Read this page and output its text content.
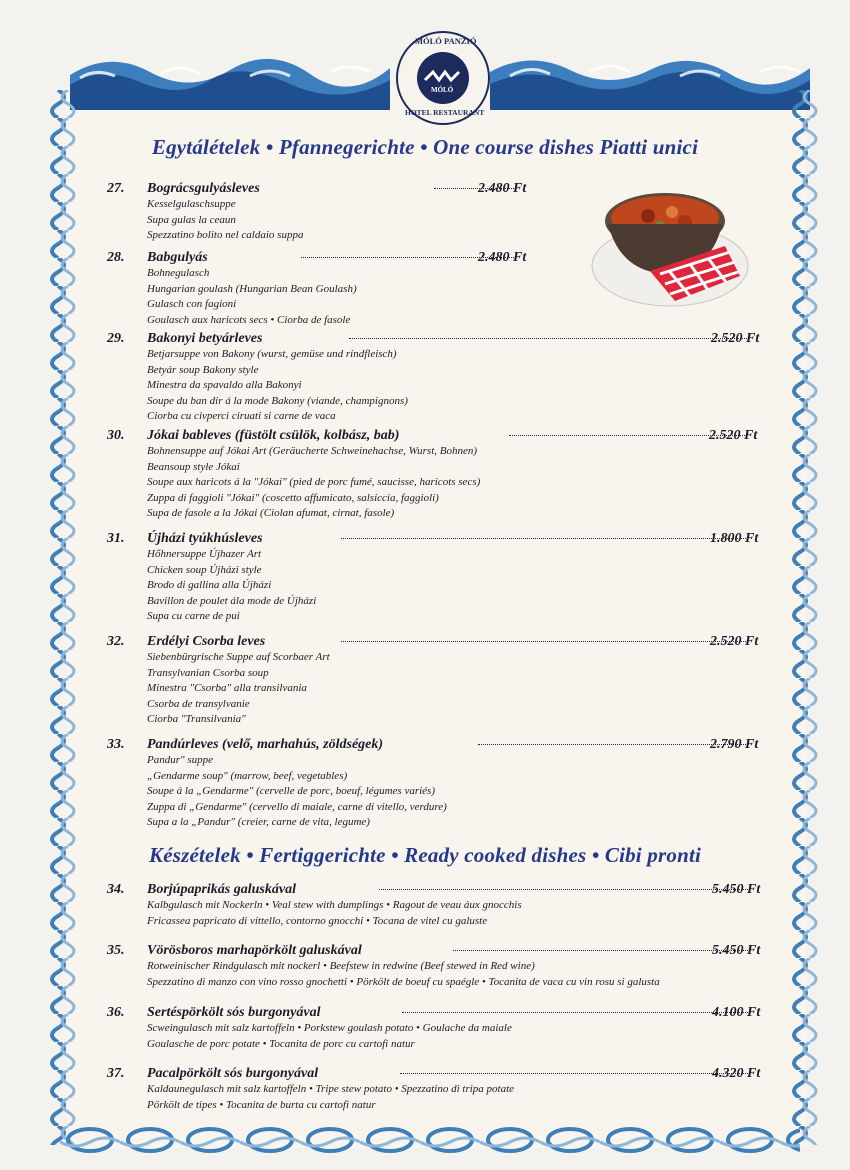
MÓLÓ PANZIÓ
MÓLÓ
HOTEL RESTAURANT
Egytálételek • Pfannegerichte • One course dishes Piatti unici
Készételek • Fertiggerichte • Ready cooked dishes • Cibi pronti
27.	Bográcsgulyásleves	2.480 Ft
Kesselgulaschsuppe
Supa gulas la ceaun
Spezzatino bolito nel caldaio suppa
28.	Babgulyás	2.480 Ft
Bohnegulasch
Hungarian goulash (Hungarian Bean Goulash)
Gulasch con fagioni
Goulasch aux haricots secs • Ciorba de fasole
29.	Bakonyi betyárleves	2.520 Ft
Betjarsuppe von Bakony (wurst, gemüse und rindfleisch)
Betyár soup Bakony style
Minestra da spavaldo alla Bakonyi
Soupe du ban dir á la mode Bakony (viande, champignons)
Ciorba cu civperci ciruati si carne de vaca
30.	Jókai bableves (füstölt csülök, kolbász, bab)	2.520 Ft
Bohnensuppe auf Jókai Art (Geräucherte Schweinehachse, Wurst, Bohnen)
Beansoup style Jókai
Soupe aux haricots á la "Jókai" (pied de porc fumé, saucisse, haricots secs)
Zuppa di faggioli "Jókai" (coscetto affumicato, salsiccia, faggioli)
Supa de fasole a la Jókai (Ciolan afumat, cirnat, fasole)
31.	Újházi tyúkhúsleves	1.800 Ft
Hőhnersuppe Újhazer Art
Chicken soup Újházi style
Brodo di gallina alla Újházi
Bavillon de poulet ála mode de Újházi
Supa cu carne de pui
32.	Erdélyi Csorba leves	2.520 Ft
Siebenbürgrische Suppe auf Scorbaer Art
Transylvanian Csorba soup
Minestra "Csorba" alla transilvania
Csorba de transylvanie
Ciorba "Transilvania"
33.	Pandúrleves (velő, marhahús, zöldségek)	2.790 Ft
Pandur" suppe
„Gendarme soup" (marrow, beef, vegetables)
Soupe á la „Gendarme" (cervelle de porc, boeuf, légumes variés)
Zuppa di „Gendarme" (cervello di maiale, carne di vitello, verdure)
Supa a la „Pandur" (creier, carne de vita, legume)
34.	Borjúpaprikás galuskával	5.450 Ft
Kalbgulasch mit Nockerln • Veal stew with dumplings • Ragout de veau áux gnocchis
Fricassea papricato di vittello, contorno gnocchi • Tocana de vitel cu galuste
35.	Vörösboros marhapörkölt galuskával	5.450 Ft
Rotweinischer Rindgulasch mit nockerl • Beefstew in redwine (Beef stewed in Red wine)
Spezzatino di manzo con vino rosso gnochetti • Pörkölt de boeuf cu spaégle • Tocanita de vaca cu vin rosu si galusta
36.	Sertéspörkölt sós burgonyával	4.100 Ft
Scweingulasch mit salz kartoffeln • Porkstew goulash potato • Goulache da maiale
Goulasche de porc potate • Tocanita de porc cu cartofi natur
37.	Pacalpörkölt sós burgonyával	4.320 Ft
Kaldaunegulasch mit salz kartoffeln • Tripe stew potato • Spezzatino di tripa potate
Pörkölt de tipes • Tocanita de burta cu cartofi natur
